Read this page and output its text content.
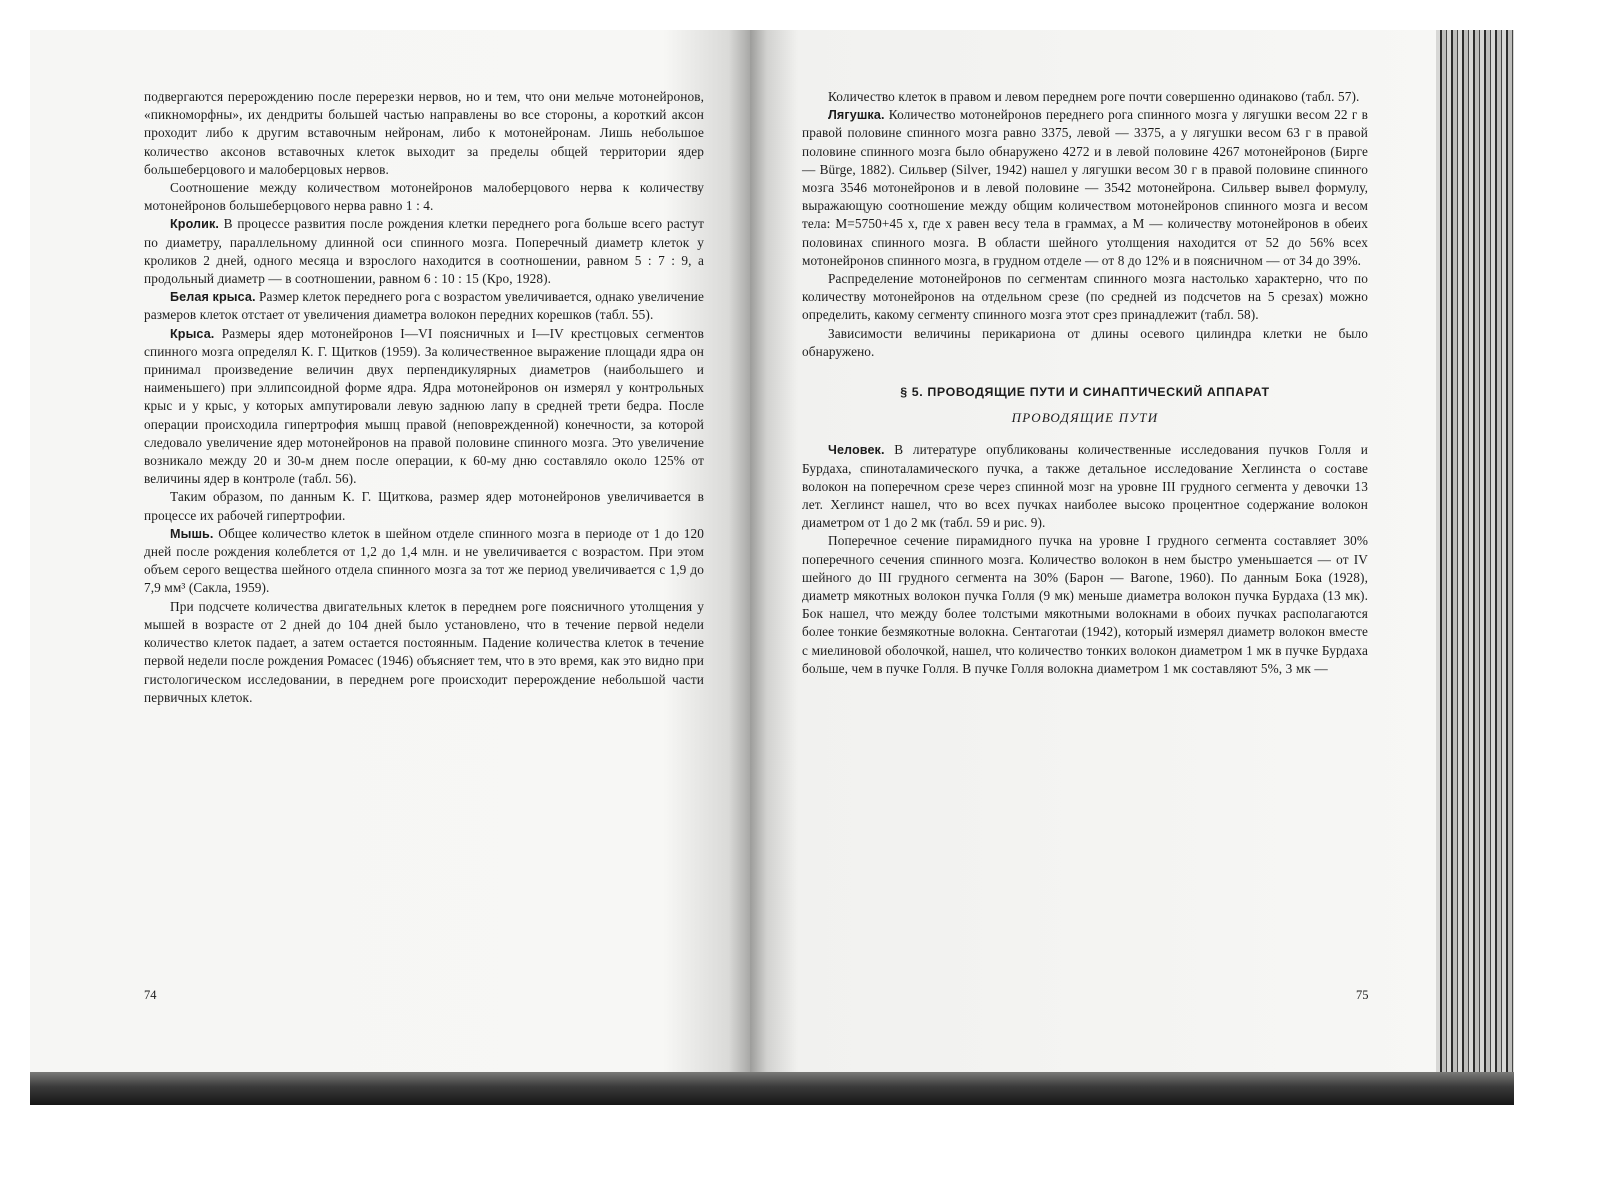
подвергаются перерождению после перерезки нервов, но и тем, что они мельче мотонейронов, «пикноморфны», их дендриты большей частью направлены во все стороны, а короткий аксон проходит либо к другим вставочным нейронам, либо к мотонейронам. Лишь небольшое количество аксонов вставочных клеток выходит за пределы общей территории ядер большеберцового и малоберцовых нервов.

Соотношение между количеством мотонейронов малоберцового нерва к количеству мотонейронов большеберцового нерва равно 1 : 4.

Кролик. В процессе развития после рождения клетки переднего рога больше всего растут по диаметру, параллельному длинной оси спинного мозга. Поперечный диаметр клеток у кроликов 2 дней, одного месяца и взрослого находится в соотношении, равном 5 : 7 : 9, а продольный диаметр — в соотношении, равном 6 : 10 : 15 (Кро, 1928).

Белая крыса. Размер клеток переднего рога с возрастом увеличивается, однако увеличение размеров клеток отстает от увеличения диаметра волокон передних корешков (табл. 55).

Крыса. Размеры ядер мотонейронов I—VI поясничных и I—IV крестцовых сегментов спинного мозга определял К. Г. Щитков (1959). За количественное выражение площади ядра он принимал произведение величин двух перпендикулярных диаметров (наибольшего и наименьшего) при эллипсоидной форме ядра. Ядра мотонейронов он измерял у контрольных крыс и у крыс, у которых ампутировали левую заднюю лапу в средней трети бедра. После операции происходила гипертрофия мышц правой (неповрежденной) конечности, за которой следовало увеличение ядер мотонейронов на правой половине спинного мозга. Это увеличение возникало между 20 и 30-м днем после операции, к 60-му дню составляло около 125% от величины ядер в контроле (табл. 56).

Таким образом, по данным К. Г. Щиткова, размер ядер мотонейронов увеличивается в процессе их рабочей гипертрофии.

Мышь. Общее количество клеток в шейном отделе спинного мозга в периоде от 1 до 120 дней после рождения колеблется от 1,2 до 1,4 млн. и не увеличивается с возрастом. При этом объем серого вещества шейного отдела спинного мозга за тот же период увеличивается с 1,9 до 7,9 мм³ (Сакла, 1959).

При подсчете количества двигательных клеток в переднем роге поясничного утолщения у мышей в возрасте от 2 дней до 104 дней было установлено, что в течение первой недели количество клеток падает, а затем остается постоянным. Падение количества клеток в течение первой недели после рождения Ромасес (1946) объясняет тем, что в это время, как это видно при гистологическом исследовании, в переднем роге происходит перерождение небольшой части первичных клеток.

74

Количество клеток в правом и левом переднем роге почти совершенно одинаково (табл. 57).

Лягушка. Количество мотонейронов переднего рога спинного мозга у лягушки весом 22 г в правой половине спинного мозга равно 3375, левой — 3375, а у лягушки весом 63 г в правой половине спинного мозга было обнаружено 4272 и в левой половине 4267 мотонейронов (Бирге — Bürge, 1882). Сильвер (Silver, 1942) нашел у лягушки весом 30 г в правой половине спинного мозга 3546 мотонейронов и в левой половине — 3542 мотонейрона. Сильвер вывел формулу, выражающую соотношение между общим количеством мотонейронов спинного мозга и весом тела: М=5750+45 x, где x равен весу тела в граммах, а М — количеству мотонейронов в обеих половинах спинного мозга. В области шейного утолщения находится от 52 до 56% всех мотонейронов спинного мозга, в грудном отделе — от 8 до 12% и в поясничном — от 34 до 39%.

Распределение мотонейронов по сегментам спинного мозга настолько характерно, что по количеству мотонейронов на отдельном срезе (по средней из подсчетов на 5 срезах) можно определить, какому сегменту спинного мозга этот срез принадлежит (табл. 58).

Зависимости величины перикариона от длины осевого цилиндра клетки не было обнаружено.

§ 5. ПРОВОДЯЩИЕ ПУТИ И СИНАПТИЧЕСКИЙ АППАРАТ
ПРОВОДЯЩИЕ ПУТИ

Человек. В литературе опубликованы количественные исследования пучков Голля и Бурдаха, спиноталамического пучка, а также детальное исследование Хеглинста о составе волокон на поперечном срезе через спинной мозг на уровне III грудного сегмента у девочки 13 лет. Хеглинст нашел, что во всех пучках наиболее высоко процентное содержание волокон диаметром от 1 до 2 мк (табл. 59 и рис. 9).

Поперечное сечение пирамидного пучка на уровне I грудного сегмента составляет 30% поперечного сечения спинного мозга. Количество волокон в нем быстро уменьшается — от IV шейного до III грудного сегмента на 30% (Барон — Barone, 1960). По данным Бока (1928), диаметр мякотных волокон пучка Голля (9 мк) меньше диаметра волокон пучка Бурдаха (13 мк). Бок нашел, что между более толстыми мякотными волокнами в обоих пучках располагаются более тонкие безмякотные волокна. Сентаготаи (1942), который измерял диаметр волокон вместе с миелиновой оболочкой, нашел, что количество тонких волокон диаметром 1 мк в пучке Бурдаха больше, чем в пучке Голля. В пучке Голля волокна диаметром 1 мк составляют 5%, 3 мк —

75
